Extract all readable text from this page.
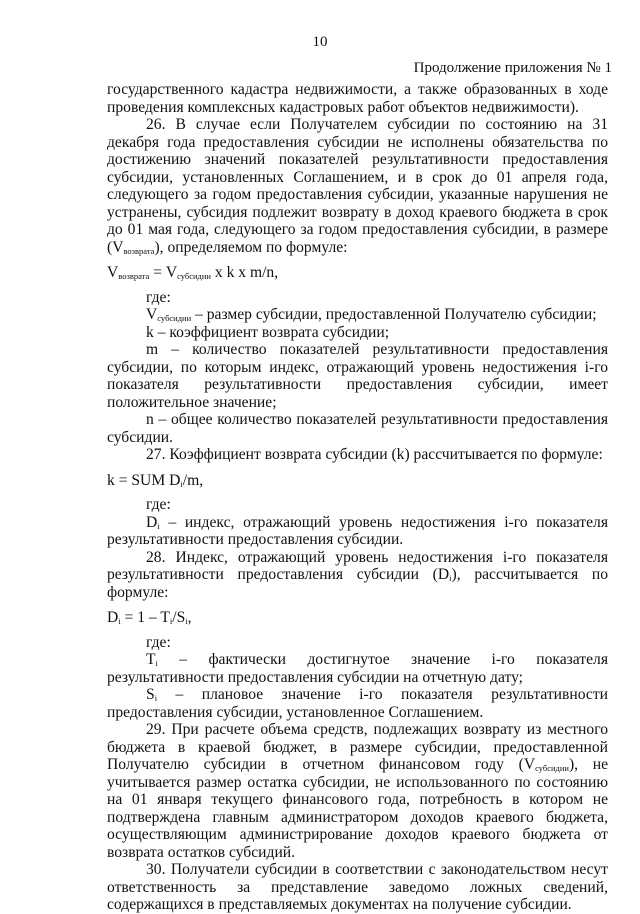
10
Продолжение приложения № 1

государственного кадастра недвижимости, а также образованных в ходе проведения комплексных кадастровых работ объектов недвижимости).

26. В случае если Получателем субсидии по состоянию на 31 декабря года предоставления субсидии не исполнены обязательства по достижению значений показателей результативности предоставления субсидии, установленных Соглашением, и в срок до 01 апреля года, следующего за годом предоставления субсидии, указанные нарушения не устранены, субсидия подлежит возврату в доход краевого бюджета в срок до 01 мая года, следующего за годом предоставления субсидии, в размере $(V_{возврата})$, определяемом по формуле:

$V_{возврата} = V_{субсидии}$ x k x m/n,

где:

$V_{субсидии}$ – размер субсидии, предоставленной Получателю субсидии;

k – коэффициент возврата субсидии;

m – количество показателей результативности предоставления субсидии, по которым индекс, отражающий уровень недостижения i-го показателя результативности предоставления субсидии, имеет положительное значение;

n – общее количество показателей результативности предоставления субсидии.

27. Коэффициент возврата субсидии (k) рассчитывается по формуле:

k = SUM $D_i/m$,

где:

$D_i$ – индекс, отражающий уровень недостижения i-го показателя результативности предоставления субсидии.

28. Индекс, отражающий уровень недостижения i-го показателя результативности предоставления субсидии $(D_i)$, рассчитывается по формуле:

$D_i = 1 - T_i/S_i$,

где:

$T_i$ – фактически достигнутое значение i-го показателя результативности предоставления субсидии на отчетную дату;

$S_i$ – плановое значение i-го показателя результативности предоставления субсидии, установленное Соглашением.

29. При расчете объема средств, подлежащих возврату из местного бюджета в краевой бюджет, в размере субсидии, предоставленной Получателю субсидии в отчетном финансовом году $(V_{субсидии})$, не учитывается размер остатка субсидии, не использованного по состоянию на 01 января текущего финансового года, потребность в котором не подтверждена главным администратором доходов краевого бюджета, осуществляющим администрирование доходов краевого бюджета от возврата остатков субсидий.

30. Получатели субсидии в соответствии с законодательством несут ответственность за представление заведомо ложных сведений, содержащихся в представляемых документах на получение субсидии.
